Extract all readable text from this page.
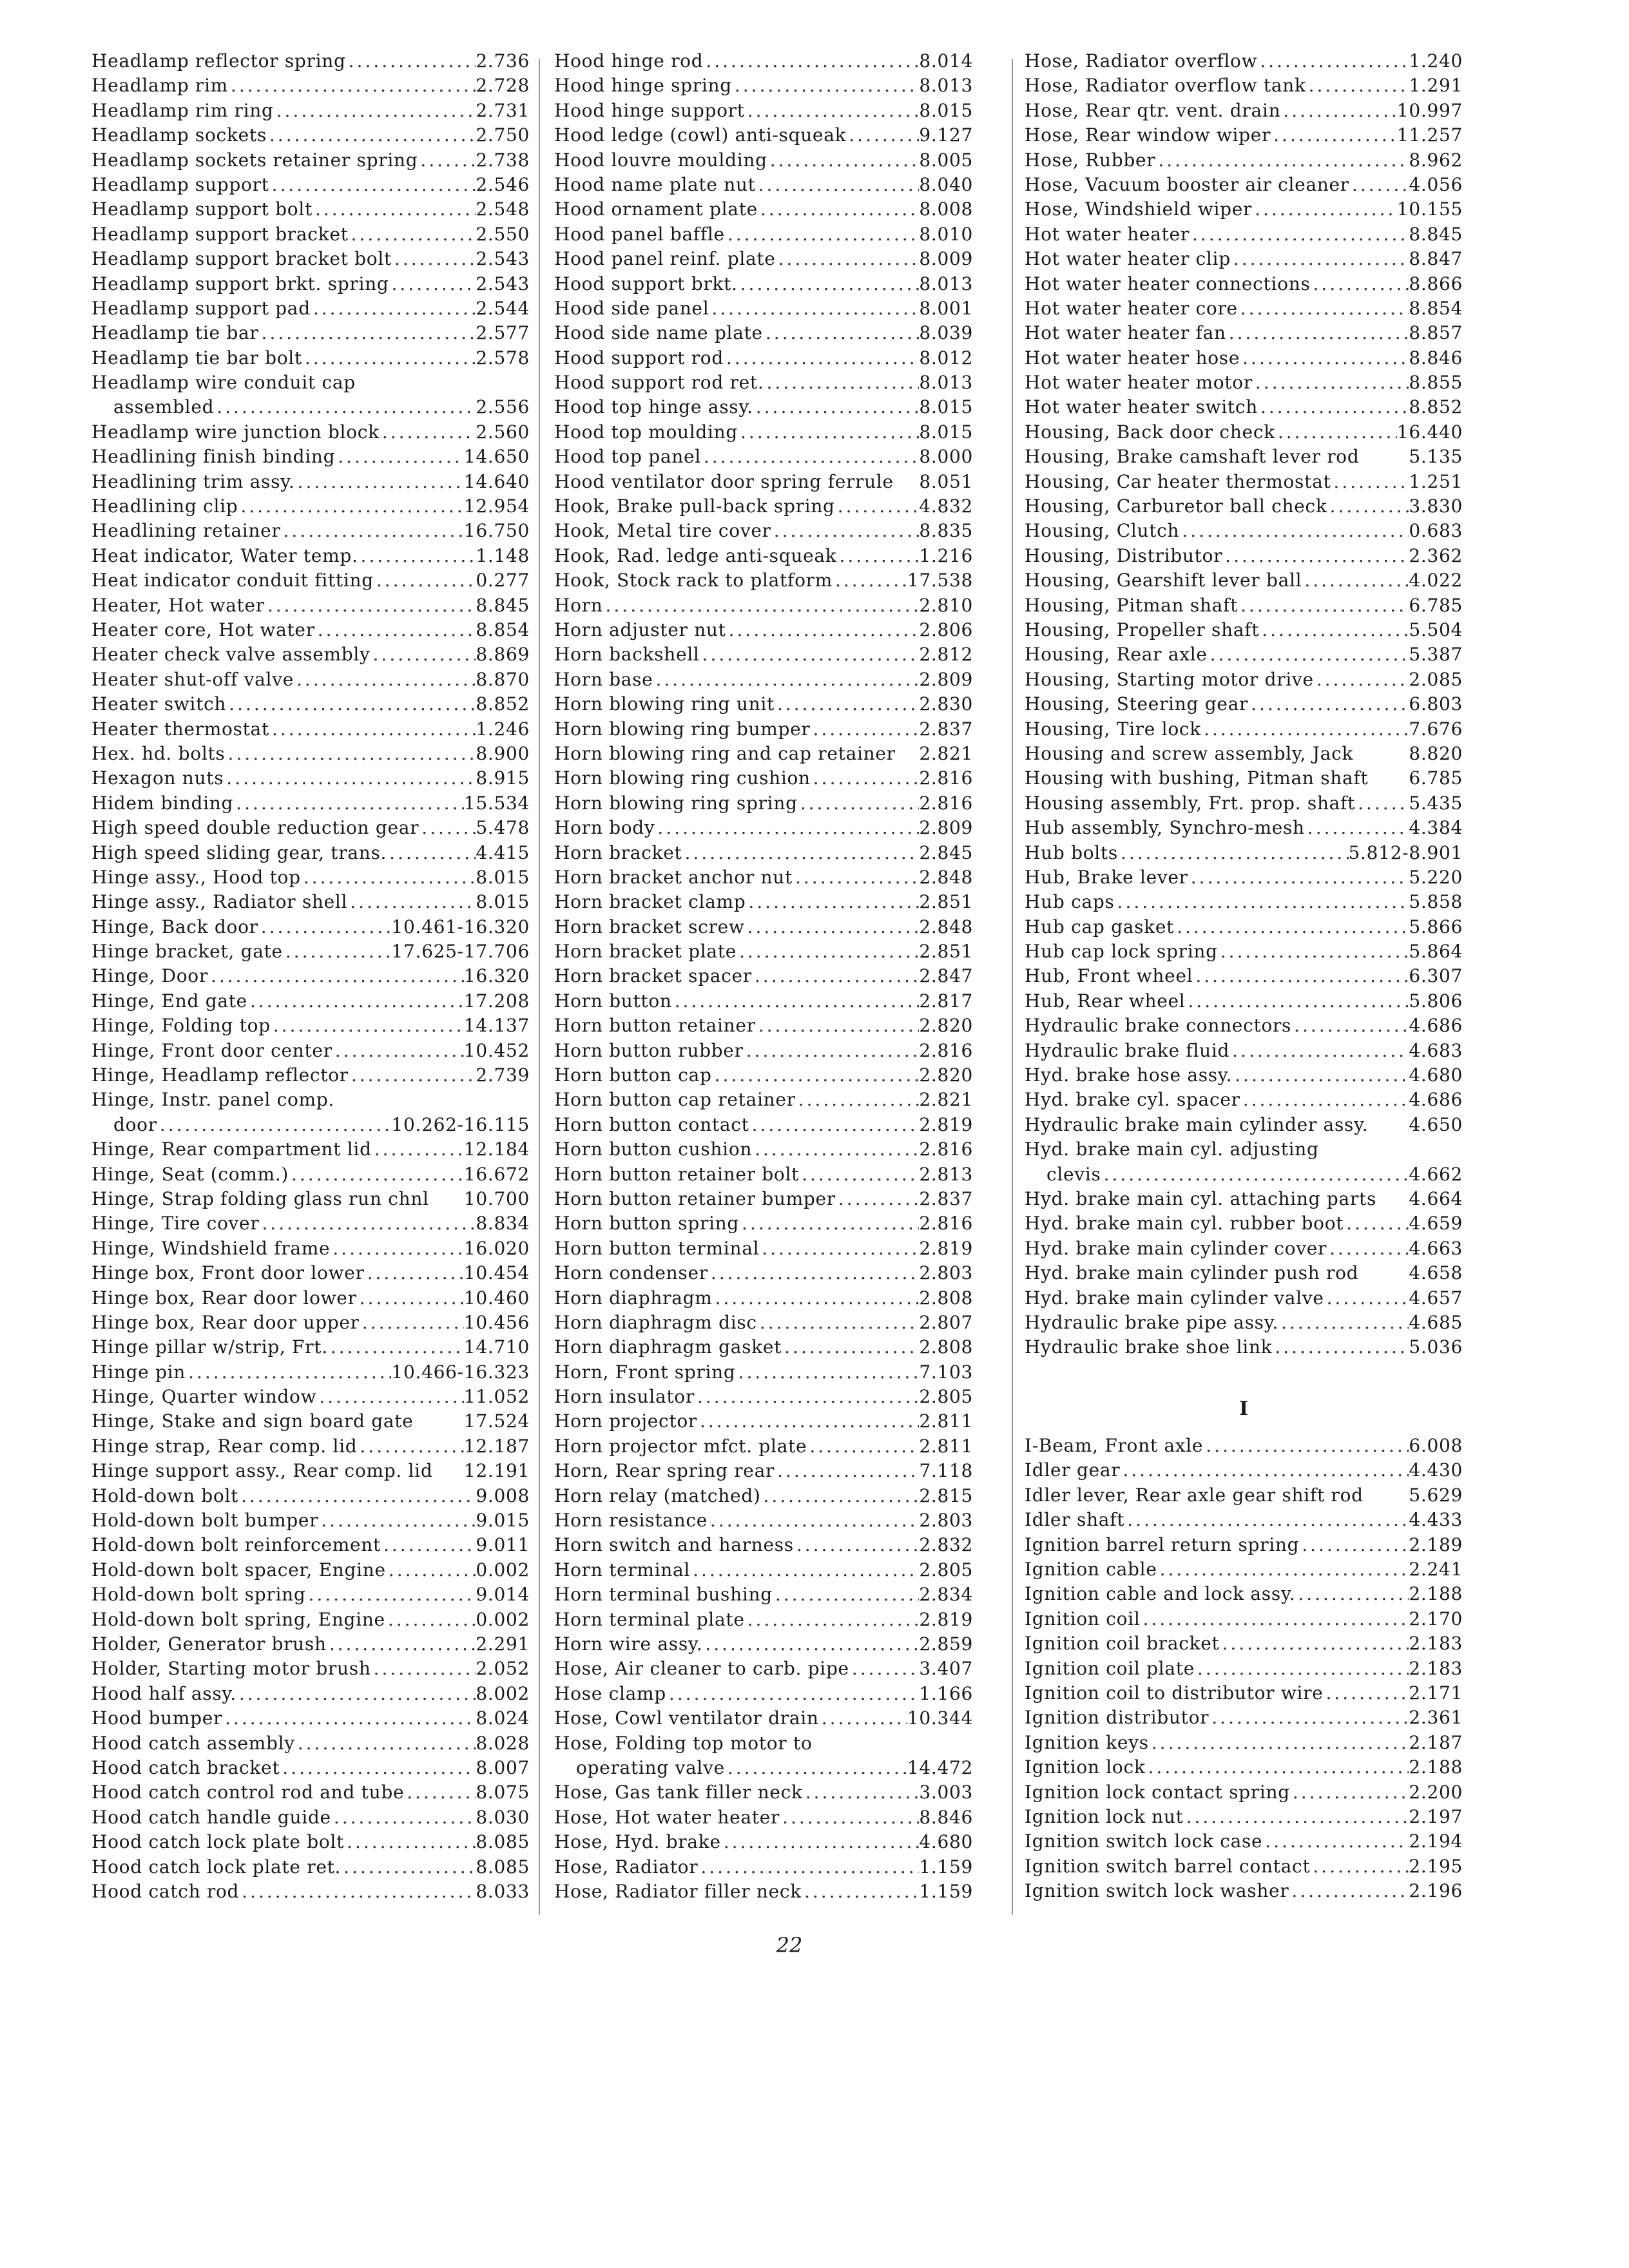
Headlamp reflector spring .....	2.736
Headlamp rim .....	2.728
Headlamp rim ring .....	2.731
Headlamp sockets .....	2.750
Headlamp sockets retainer spring .....	2.738
Headlamp support .....	2.546
Headlamp support bolt .....	2.548
Headlamp support bracket .....	2.550
Headlamp support bracket bolt .....	2.543
Headlamp support brkt. spring .....	2.543
Headlamp support pad .....	2.544
Headlamp tie bar .....	2.577
Headlamp tie bar bolt .....	2.578
Headlamp wire conduit cap
assembled .....	2.556
Headlamp wire junction block .....	2.560
Headlining finish binding .....	14.650
Headlining trim assy. .....	14.640
Headlining clip .....	12.954
Headlining retainer .....	16.750
Heat indicator, Water temp. .....	1.148
Heat indicator conduit fitting .....	0.277
Heater, Hot water .....	8.845
Heater core, Hot water .....	8.854
Heater check valve assembly .....	8.869
Heater shut-off valve .....	8.870
Heater switch .....	8.852
Heater thermostat .....	1.246
Hex. hd. bolts .....	8.900
Hexagon nuts .....	8.915
Hidem binding .....	15.534
High speed double reduction gear .....	5.478
High speed sliding gear, trans. .....	4.415
Hinge assy., Hood top .....	8.015
Hinge assy., Radiator shell .....	8.015
Hinge, Back door .....	10.461-16.320
Hinge bracket, gate .....	17.625-17.706
Hinge, Door .....	16.320
Hinge, End gate .....	17.208
Hinge, Folding top .....	14.137
Hinge, Front door center .....	10.452
Hinge, Headlamp reflector .....	2.739
Hinge, Instr. panel comp.
door .....	10.262-16.115
Hinge, Rear compartment lid .....	12.184
Hinge, Seat (comm.) .....	16.672
Hinge, Strap folding glass run chnl 10.700
Hinge, Tire cover .....	8.834
Hinge, Windshield frame .....	16.020
Hinge box, Front door lower .....	10.454
Hinge box, Rear door lower .....	10.460
Hinge box, Rear door upper .....	10.456
Hinge pillar w/strip, Frt. .....	14.710
Hinge pin .....	10.466-16.323
Hinge, Quarter window .....	11.052
Hinge, Stake and sign board gate	17.524
Hinge strap, Rear comp. lid .....	12.187
Hinge support assy., Rear comp. lid 12.191
Hold-down bolt .....	9.008
Hold-down bolt bumper .....	9.015
Hold-down bolt reinforcement .....	9.011
Hold-down bolt spacer, Engine .....	0.002
Hold-down bolt spring .....	9.014
Hold-down bolt spring, Engine .....	0.002
Holder, Generator brush .....	2.291
Holder, Starting motor brush .....	2.052
Hood half assy. .....	8.002
Hood bumper .....	8.024
Hood catch assembly .....	8.028
Hood catch bracket .....	8.007
Hood catch control rod and tube .....	8.075
Hood catch handle guide .....	8.030
Hood catch lock plate bolt .....	8.085
Hood catch lock plate ret. .....	8.085
Hood catch rod .....	8.033
Hood hinge rod .....	8.014
Hood hinge spring .....	8.013
Hood hinge support .....	8.015
Hood ledge (cowl) anti-squeak .....	9.127
Hood louvre moulding .....	8.005
Hood name plate nut .....	8.040
Hood ornament plate .....	8.008
Hood panel baffle .....	8.010
Hood panel reinf. plate .....	8.009
Hood support brkt. .....	8.013
Hood side panel .....	8.001
Hood side name plate .....	8.039
Hood support rod .....	8.012
Hood support rod ret. .....	8.013
Hood top hinge assy. .....	8.015
Hood top moulding .....	8.015
Hood top panel .....	8.000
Hood ventilator door spring ferrule 8.051
Hook, Brake pull-back spring .....	4.832
Hook, Metal tire cover .....	8.835
Hook, Rad. ledge anti-squeak .....	1.216
Hook, Stock rack to platform .....	17.538
Horn .....	2.810
Horn adjuster nut .....	2.806
Horn backshell .....	2.812
Horn base .....	2.809
Horn blowing ring unit .....	2.830
Horn blowing ring bumper .....	2.837
Horn blowing ring and cap retainer 2.821
Horn blowing ring cushion .....	2.816
Horn blowing ring spring .....	2.816
Horn body .....	2.809
Horn bracket .....	2.845
Horn bracket anchor nut .....	2.848
Horn bracket clamp .....	2.851
Horn bracket screw .....	2.848
Horn bracket plate .....	2.851
Horn bracket spacer .....	2.847
Horn button .....	2.817
Horn button retainer .....	2.820
Horn button rubber .....	2.816
Horn button cap .....	2.820
Horn button cap retainer .....	2.821
Horn button contact .....	2.819
Horn button cushion .....	2.816
Horn button retainer bolt .....	2.813
Horn button retainer bumper .....	2.837
Horn button spring .....	2.816
Horn button terminal .....	2.819
Horn condenser .....	2.803
Horn diaphragm .....	2.808
Horn diaphragm disc .....	2.807
Horn diaphragm gasket .....	2.808
Horn, Front spring .....	7.103
Horn insulator .....	2.805
Horn projector .....	2.811
Horn projector mfct. plate .....	2.811
Horn, Rear spring rear .....	7.118
Horn relay (matched) .....	2.815
Horn resistance .....	2.803
Horn switch and harness .....	2.832
Horn terminal .....	2.805
Horn terminal bushing .....	2.834
Horn terminal plate .....	2.819
Horn wire assy. .....	2.859
Hose, Air cleaner to carb. pipe .....	3.407
Hose clamp .....	1.166
Hose, Cowl ventilator drain .....	10.344
Hose, Folding top motor to
operating valve .....	14.472
Hose, Gas tank filler neck .....	3.003
Hose, Hot water heater .....	8.846
Hose, Hyd. brake .....	4.680
Hose, Radiator .....	1.159
Hose, Radiator filler neck .....	1.159
Hose, Radiator overflow .....	1.240
Hose, Radiator overflow tank .....	1.291
Hose, Rear qtr. vent. drain .....	10.997
Hose, Rear window wiper .....	11.257
Hose, Rubber .....	8.962
Hose, Vacuum booster air cleaner .....	4.056
Hose, Windshield wiper .....	10.155
Hot water heater .....	8.845
Hot water heater clip .....	8.847
Hot water heater connections .....	8.866
Hot water heater core .....	8.854
Hot water heater fan .....	8.857
Hot water heater hose .....	8.846
Hot water heater motor .....	8.855
Hot water heater switch .....	8.852
Housing, Back door check .....	16.440
Housing, Brake camshaft lever rod	5.135
Housing, Car heater thermostat .....	1.251
Housing, Carburetor ball check .....	3.830
Housing, Clutch .....	0.683
Housing, Distributor .....	2.362
Housing, Gearshift lever ball .....	4.022
Housing, Pitman shaft .....	6.785
Housing, Propeller shaft .....	5.504
Housing, Rear axle .....	5.387
Housing, Starting motor drive .....	2.085
Housing, Steering gear .....	6.803
Housing, Tire lock .....	7.676
Housing and screw assembly, Jack	8.820
Housing with bushing, Pitman shaft 6.785
Housing assembly, Frt. prop. shaft .....	5.435
Hub assembly, Synchro-mesh .....	4.384
Hub bolts .....	5.812-8.901
Hub, Brake lever .....	5.220
Hub caps .....	5.858
Hub cap gasket .....	5.866
Hub cap lock spring .....	5.864
Hub, Front wheel .....	6.307
Hub, Rear wheel .....	5.806
Hydraulic brake connectors .....	4.686
Hydraulic brake fluid .....	4.683
Hyd. brake hose assy. .....	4.680
Hyd. brake cyl. spacer .....	4.686
Hydraulic brake main cylinder assy. 4.650
Hyd. brake main cyl. adjusting
clevis .....	4.662
Hyd. brake main cyl. attaching parts 4.664
Hyd. brake main cyl. rubber boot .....	4.659
Hyd. brake main cylinder cover .....	4.663
Hyd. brake main cylinder push rod	4.658
Hyd. brake main cylinder valve .....	4.657
Hydraulic brake pipe assy. .....	4.685
Hydraulic brake shoe link .....	5.036
I
I-Beam, Front axle .....	6.008
Idler gear .....	4.430
Idler lever, Rear axle gear shift rod	5.629
Idler shaft .....	4.433
Ignition barrel return spring .....	2.189
Ignition cable .....	2.241
Ignition cable and lock assy. .....	2.188
Ignition coil .....	2.170
Ignition coil bracket .....	2.183
Ignition coil plate .....	2.183
Ignition coil to distributor wire .....	2.171
Ignition distributor .....	2.361
Ignition keys .....	2.187
Ignition lock .....	2.188
Ignition lock contact spring .....	2.200
Ignition lock nut .....	2.197
Ignition switch lock case .....	2.194
Ignition switch barrel contact .....	2.195
Ignition switch lock washer .....	2.196
22
